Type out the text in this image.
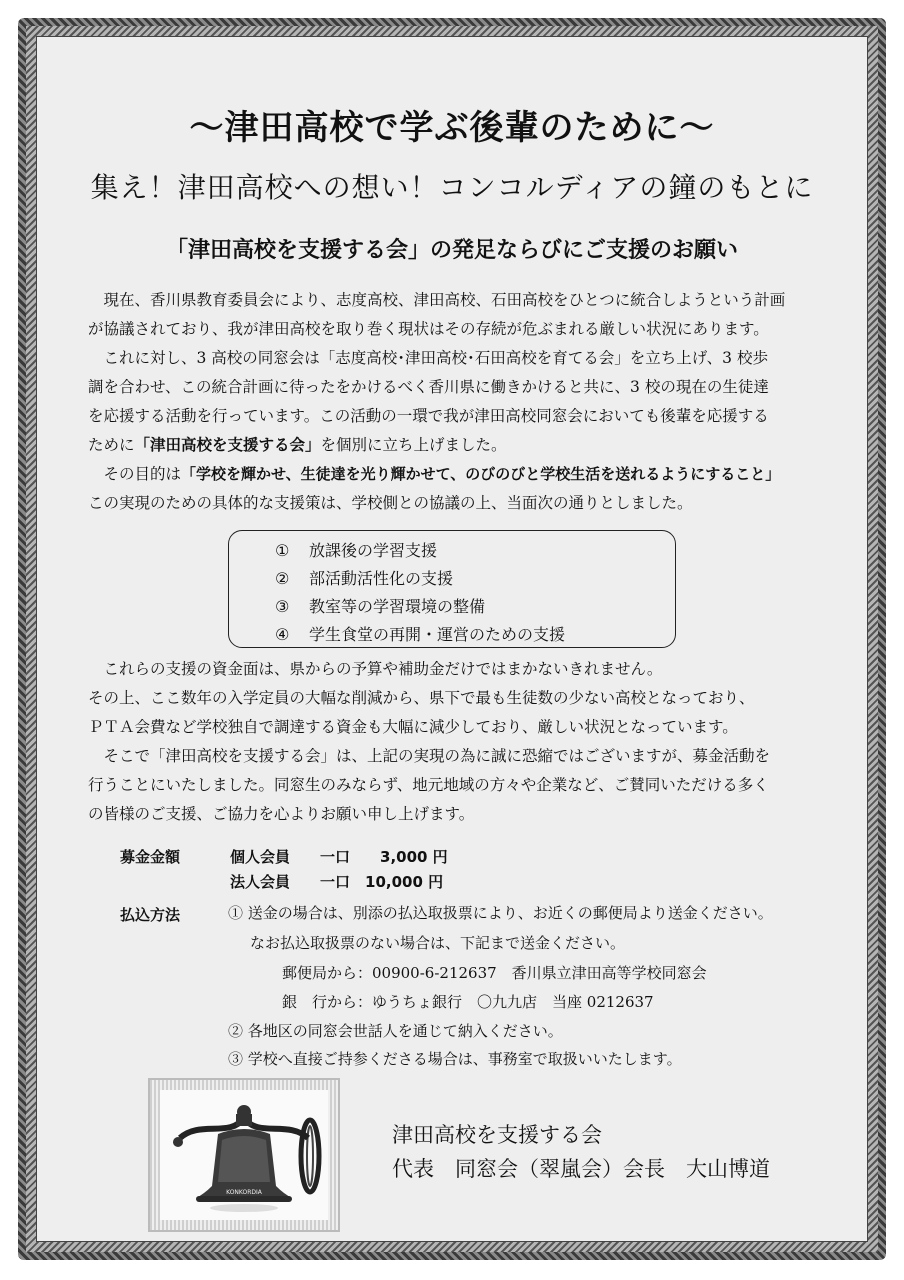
～津田高校で学ぶ後輩のために～
集え！津田高校への想い！コンコルディアの鐘のもとに
「津田高校を支援する会」の発足ならびにご支援のお願い
　現在、香川県教育委員会により、志度高校、津田高校、石田高校をひとつに統合しようという計画
が協議されており、我が津田高校を取り巻く現状はその存続が危ぶまれる厳しい状況にあります。
　これに対し、3 高校の同窓会は「志度高校･津田高校･石田高校を育てる会」を立ち上げ、3 校歩
調を合わせ、この統合計画に待ったをかけるべく香川県に働きかけると共に、3 校の現在の生徒達
を応援する活動を行っています。この活動の一環で我が津田高校同窓会においても後輩を応援する
ために「津田高校を支援する会」を個別に立ち上げました。
　その目的は「学校を輝かせ、生徒達を光り輝かせて、のびのびと学校生活を送れるようにすること」
この実現のための具体的な支援策は、学校側との協議の上、当面次の通りとしました。
①	放課後の学習支援
②	部活動活性化の支援
③	教室等の学習環境の整備
④	学生食堂の再開・運営のための支援
　これらの支援の資金面は、県からの予算や補助金だけではまかないきれません。
その上、ここ数年の入学定員の大幅な削減から、県下で最も生徒数の少ない高校となっており、
ＰＴＡ会費など学校独自で調達する資金も大幅に減少しており、厳しい状況となっています。
　そこで「津田高校を支援する会」は、上記の実現の為に誠に恐縮ではございますが、募金活動を
行うことにいたしました。同窓生のみならず、地元地域の方々や企業など、ご賛同いただける多く
の皆様のご支援、ご協力を心よりお願い申し上げます。
募金金額	個人会員　　一口　　3,000 円
法人会員　　一口　10,000 円
払込方法	① 送金の場合は、別添の払込取扱票により、お近くの郵便局より送金ください。
なお払込取扱票のない場合は、下記まで送金ください。
郵便局から：00900-6-212637　香川県立津田高等学校同窓会
銀　行から：ゆうちょ銀行　〇九九店　当座 0212637
② 各地区の同窓会世話人を通じて納入ください。
③ 学校へ直接ご持参くださる場合は、事務室で取扱いいたします。
KONKORDIA
津田高校を支援する会
代表　同窓会（翠嵐会）会長　大山博道
